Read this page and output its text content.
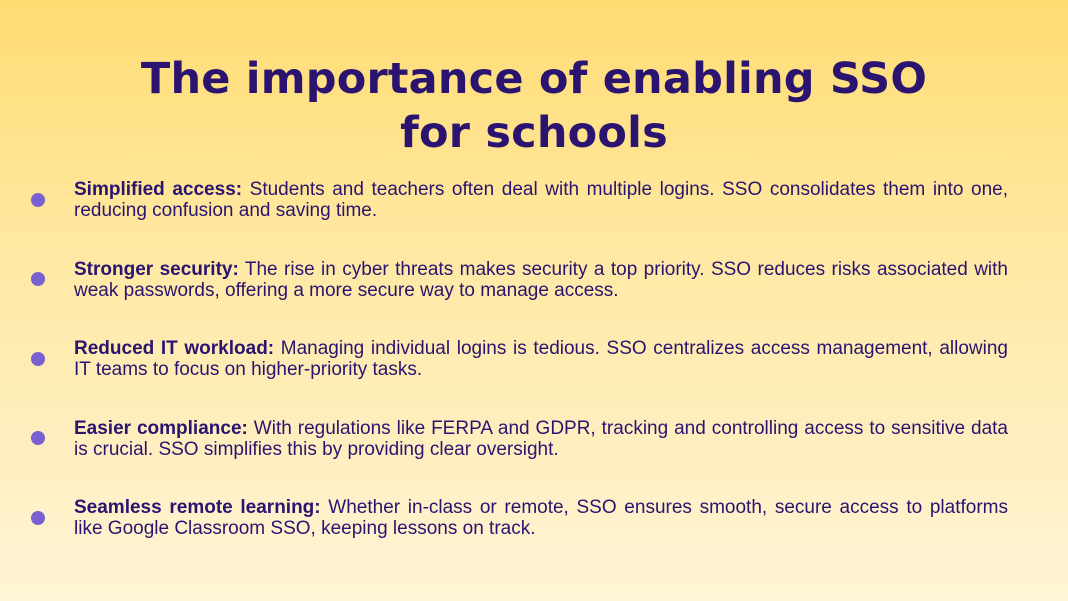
The importance of enabling SSO
for schools
Simplified access: Students and teachers often deal with multiple logins. SSO consolidates them into one, reducing confusion and saving time.
Stronger security: The rise in cyber threats makes security a top priority. SSO reduces risks associated with weak passwords, offering a more secure way to manage access.
Reduced IT workload: Managing individual logins is tedious. SSO centralizes access management, allowing IT teams to focus on higher-priority tasks.
Easier compliance: With regulations like FERPA and GDPR, tracking and controlling access to sensitive data is crucial. SSO simplifies this by providing clear oversight.
Seamless remote learning: Whether in-class or remote, SSO ensures smooth, secure access to platforms like Google Classroom SSO, keeping lessons on track.
